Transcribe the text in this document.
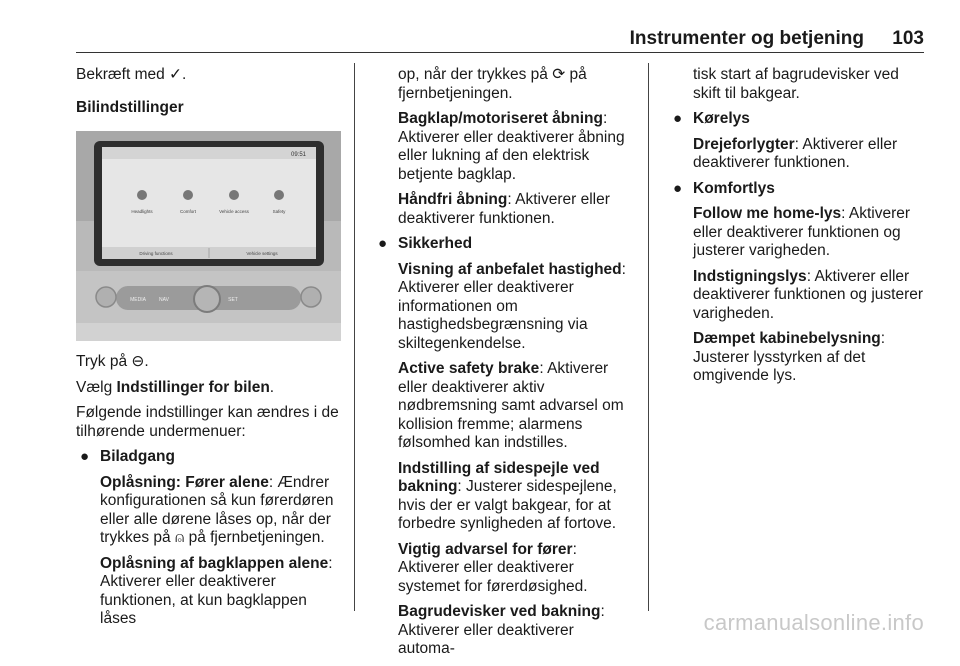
Instrumenter og betjening 103

Bekræft med ✓.

Bilindstillinger

09:51
Headlights	Comfort	Vehicle access	Safety
Driving functions	Vehicle settings
MEDIA	NAV	SET

Tryk på ⊖.

Vælg Indstillinger for bilen.

Følgende indstillinger kan ændres i de tilhørende undermenuer:

● Biladgang

Oplåsning: Fører alene: Ændrer konfigurationen så kun førerdøren eller alle dørene låses op, når der trykkes på ⍝ på fjernbetjeningen.

Oplåsning af bagklappen alene: Aktiverer eller deaktiverer funktionen, at kun bagklappen låses

op, når der trykkes på ⟳ på fjernbetjeningen.

Bagklap/motoriseret åbning: Aktiverer eller deaktiverer åbning eller lukning af den elektrisk betjente bagklap.

Håndfri åbning: Aktiverer eller deaktiverer funktionen.

● Sikkerhed

Visning af anbefalet hastighed: Aktiverer eller deaktiverer informationen om hastighedsbegrænsning via skiltegenkendelse.

Active safety brake: Aktiverer eller deaktiverer aktiv nødbremsning samt advarsel om kollision fremme; alarmens følsomhed kan indstilles.

Indstilling af sidespejle ved bakning: Justerer sidespejlene, hvis der er valgt bakgear, for at forbedre synligheden af fortove.

Vigtig advarsel for fører: Aktiverer eller deaktiverer systemet for førerdøsighed.

Bagrudevisker ved bakning: Aktiverer eller deaktiverer automa-

tisk start af bagrudevisker ved skift til bakgear.

● Kørelys

Drejeforlygter: Aktiverer eller deaktiverer funktionen.

● Komfortlys

Follow me home-lys: Aktiverer eller deaktiverer funktionen og justerer varigheden.

Indstigningslys: Aktiverer eller deaktiverer funktionen og justerer varigheden.

Dæmpet kabinebelysning: Justerer lysstyrken af det omgivende lys.

carmanualsonline.info
